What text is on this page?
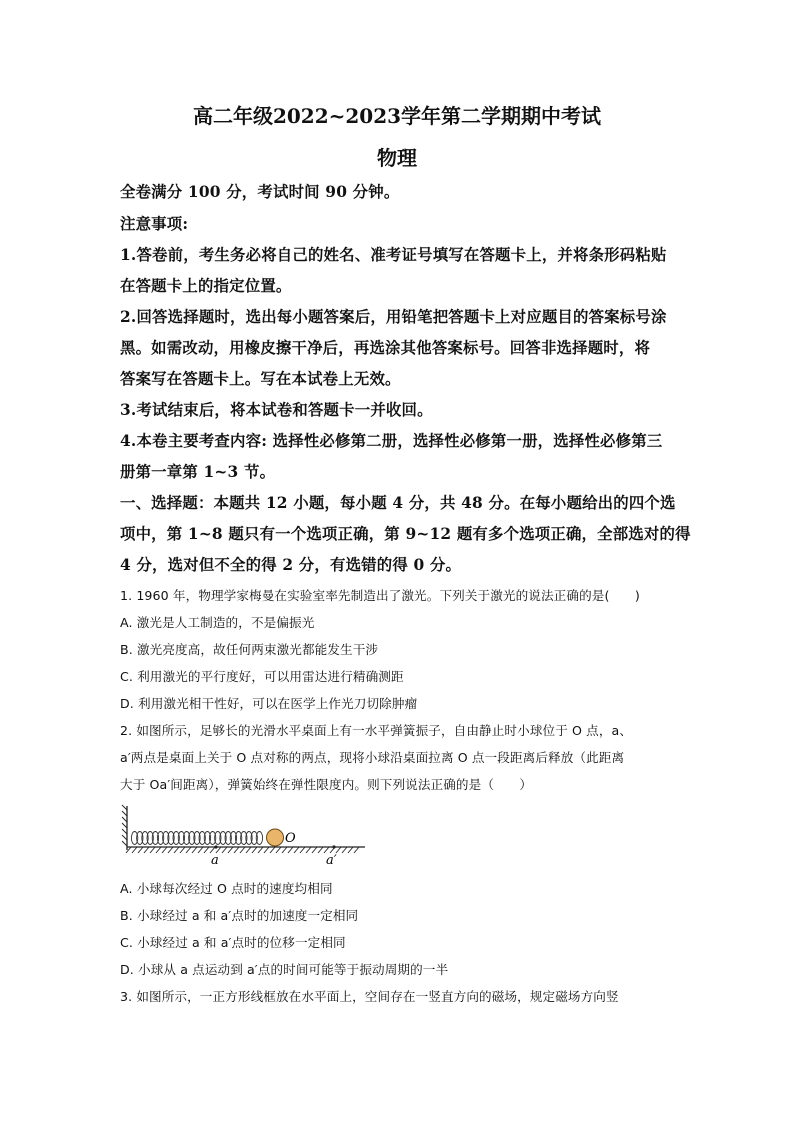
高二年级2022~2023学年第二学期期中考试
物理
全卷满分 100 分，考试时间 90 分钟。
注意事项:
1.答卷前，考生务必将自己的姓名、准考证号填写在答题卡上，并将条形码粘贴
在答题卡上的指定位置。
2.回答选择题时，选出每小题答案后，用铅笔把答题卡上对应题目的答案标号涂
黑。如需改动，用橡皮擦干净后，再选涂其他答案标号。回答非选择题时，将
答案写在答题卡上。写在本试卷上无效。
3.考试结束后，将本试卷和答题卡一并收回。
4.本卷主要考查内容: 选择性必修第二册，选择性必修第一册，选择性必修第三
册第一章第 1~3 节。
一、选择题：本题共 12 小题，每小题 4 分，共 48 分。在每小题给出的四个选
项中，第 1~8 题只有一个选项正确，第 9~12 题有多个选项正确，全部选对的得
4 分，选对但不全的得 2 分，有选错的得 0 分。
1. 1960 年，物理学家梅曼在实验室率先制造出了激光。下列关于激光的说法正确的是(　　)
A. 激光是人工制造的，不是偏振光
B. 激光亮度高，故任何两束激光都能发生干涉
C. 利用激光的平行度好，可以用雷达进行精确测距
D. 利用激光相干性好，可以在医学上作光刀切除肿瘤
2. 如图所示，足够长的光滑水平桌面上有一水平弹簧振子，自由静止时小球位于 O 点，a、
a′两点是桌面上关于 O 点对称的两点，现将小球沿桌面拉离 O 点一段距离后释放（此距离
大于 Oa′间距离），弹簧始终在弹性限度内。则下列说法正确的是（　　）
O
a	a′
A. 小球每次经过 O 点时的速度均相同
B. 小球经过 a 和 a′点时的加速度一定相同
C. 小球经过 a 和 a′点时的位移一定相同
D. 小球从 a 点运动到 a′点的时间可能等于振动周期的一半
3. 如图所示，一正方形线框放在水平面上，空间存在一竖直方向的磁场，规定磁场方向竖
